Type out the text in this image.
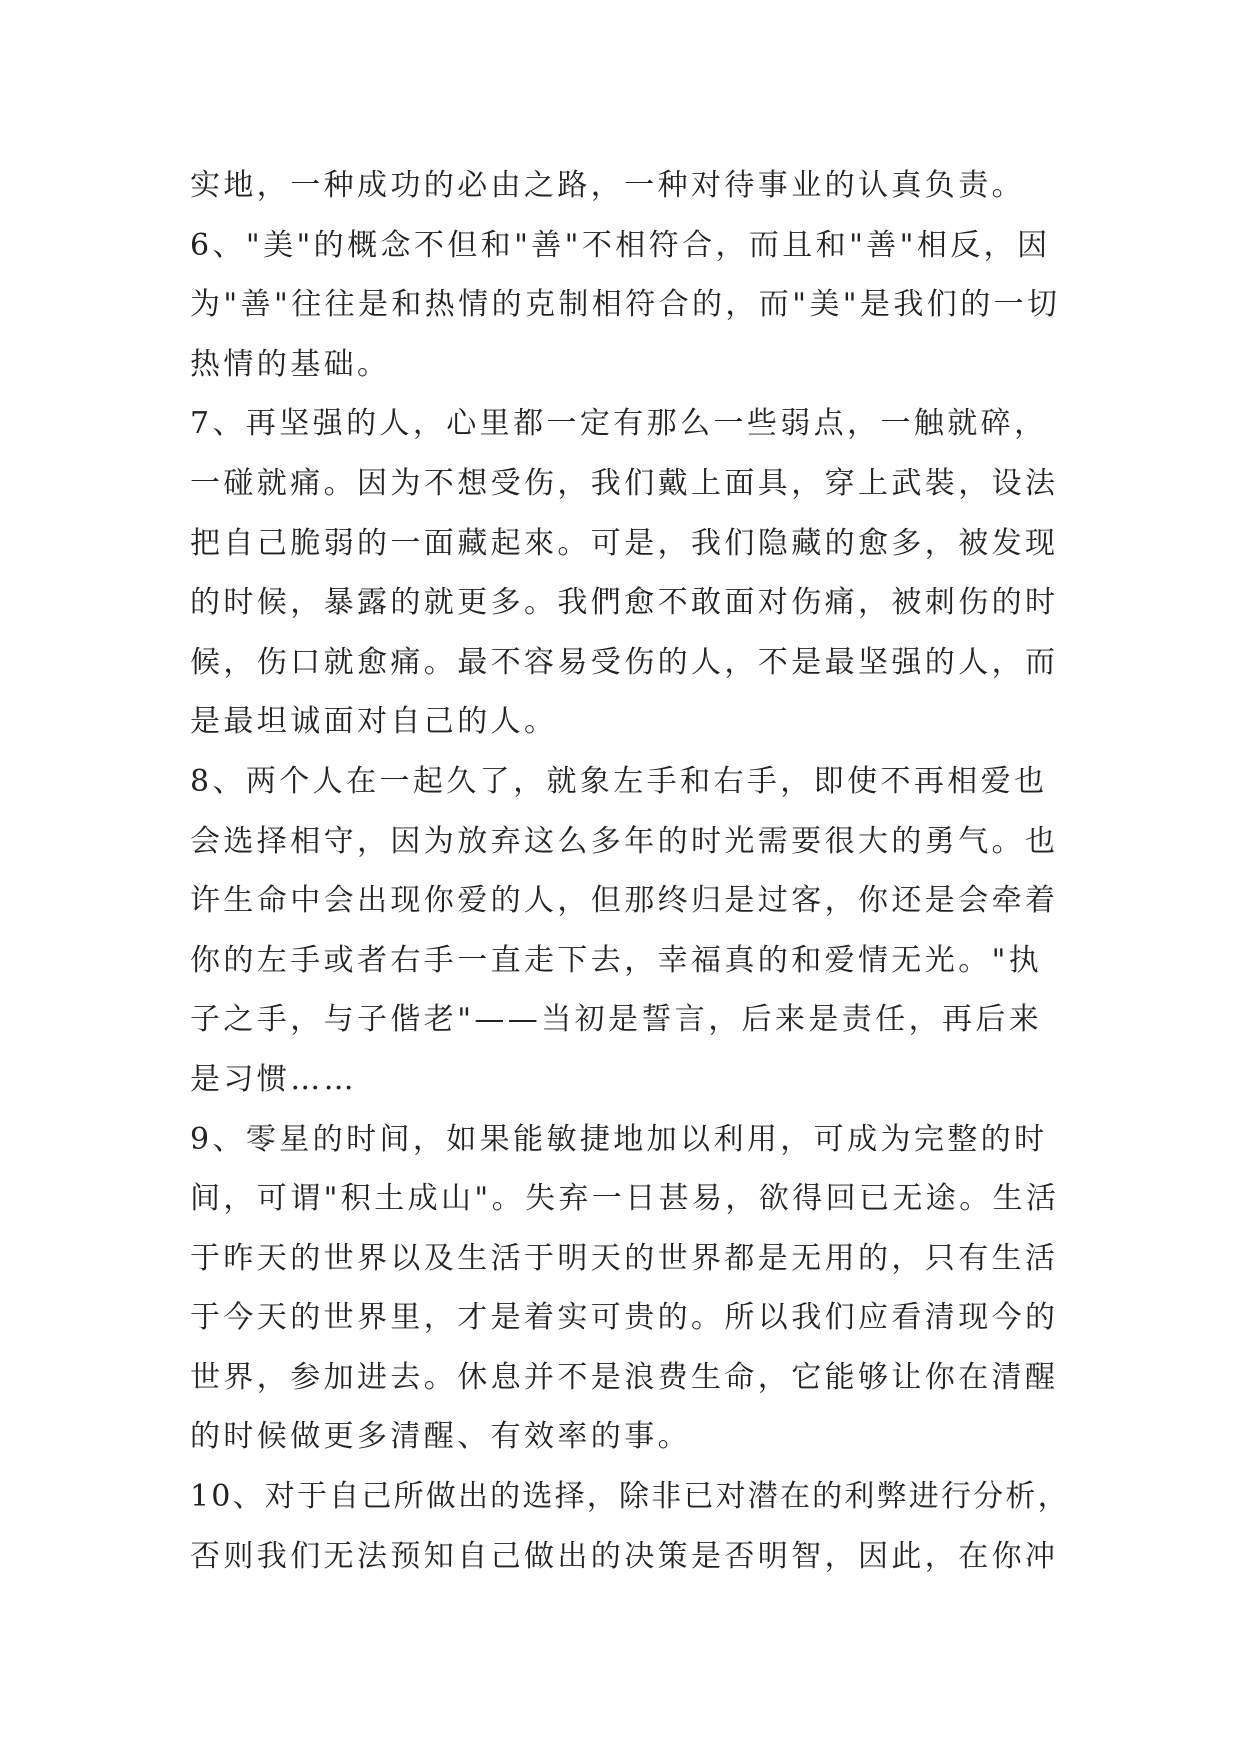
实地，一种成功的必由之路，一种对待事业的认真负责。
6、"美"的概念不但和"善"不相符合，而且和"善"相反，因
为"善"往往是和热情的克制相符合的，而"美"是我们的一切
热情的基础。
7、再坚强的人，心里都一定有那么一些弱点，一触就碎，
一碰就痛。因为不想受伤，我们戴上面具，穿上武裝，设法
把自己脆弱的一面藏起來。可是，我们隐藏的愈多，被发现
的时候，暴露的就更多。我們愈不敢面对伤痛，被刺伤的时
候，伤口就愈痛。最不容易受伤的人，不是最坚强的人，而
是最坦诚面对自己的人。
8、两个人在一起久了，就象左手和右手，即使不再相爱也
会选择相守，因为放弃这么多年的时光需要很大的勇气。也
许生命中会出现你爱的人，但那终归是过客，你还是会牵着
你的左手或者右手一直走下去，幸福真的和爱情无光。"执
子之手，与子偕老"——当初是誓言，后来是责任，再后来
是习惯……
9、零星的时间，如果能敏捷地加以利用，可成为完整的时
间，可谓"积土成山"。失弃一日甚易，欲得回已无途。生活
于昨天的世界以及生活于明天的世界都是无用的，只有生活
于今天的世界里，才是着实可贵的。所以我们应看清现今的
世界，参加进去。休息并不是浪费生命，它能够让你在清醒
的时候做更多清醒、有效率的事。
10、对于自己所做出的选择，除非已对潜在的利弊进行分析，
否则我们无法预知自己做出的决策是否明智，因此，在你冲
